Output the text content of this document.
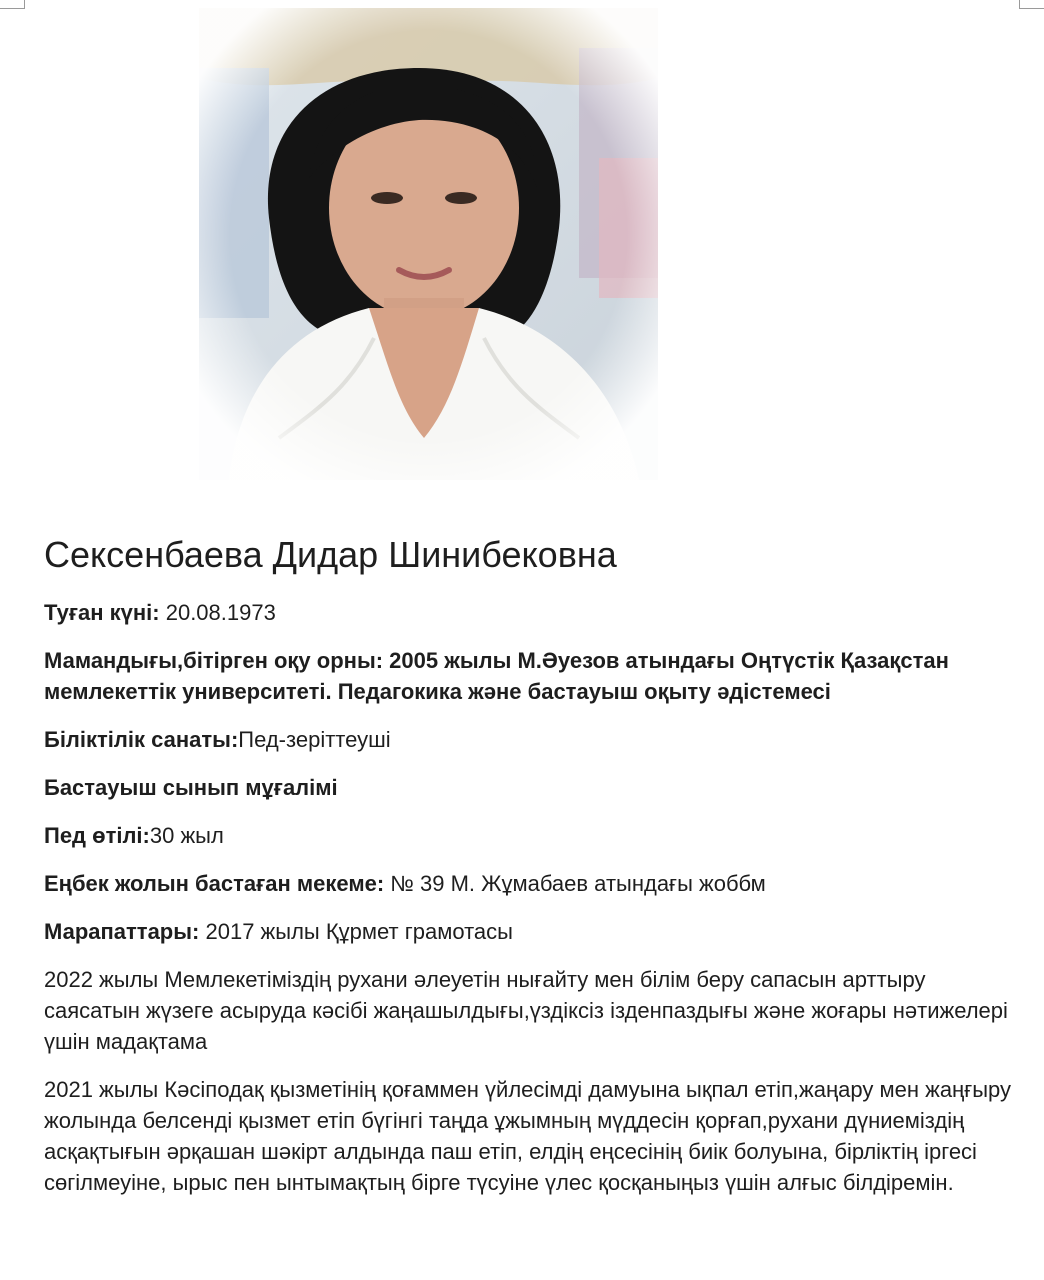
Сексенбаева Дидар Шинибековна

Туған күні: 20.08.1973

Мамандығы,бітірген оқу орны: 2005 жылы М.Әуезов атындағы Оңтүстік Қазақстан мемлекеттік университеті. Педагокика және бастауыш оқыту әдістемесі

Біліктілік санаты:Пед-зеріттеуші

Бастауыш сынып мұғалімі

Пед өтілі:30 жыл

Еңбек жолын бастаған мекеме: № 39 М. Жұмабаев атындағы жоббм

Марапаттары: 2017 жылы Құрмет грамотасы

2022 жылы Мемлекетіміздің рухани әлеуетін нығайту мен білім беру сапасын арттыру саясатын жүзеге асыруда кәсібі жаңашылдығы,үздіксіз ізденпаздығы және жоғары нәтижелері үшін мадақтама

2021 жылы Кәсіподақ қызметінің қоғаммен үйлесімді дамуына ықпал етіп,жаңару мен жаңғыру жолында белсенді қызмет етіп бүгінгі таңда ұжымның мүддесін қорғап,рухани дүниеміздің асқақтығын әрқашан шәкірт алдында паш етіп, елдің еңсесінің биік болуына, бірліктің іргесі сөгілмеуіне, ырыс пен ынтымақтың бірге түсуіне үлес қосқаныңыз үшін алғыс білдіремін.
